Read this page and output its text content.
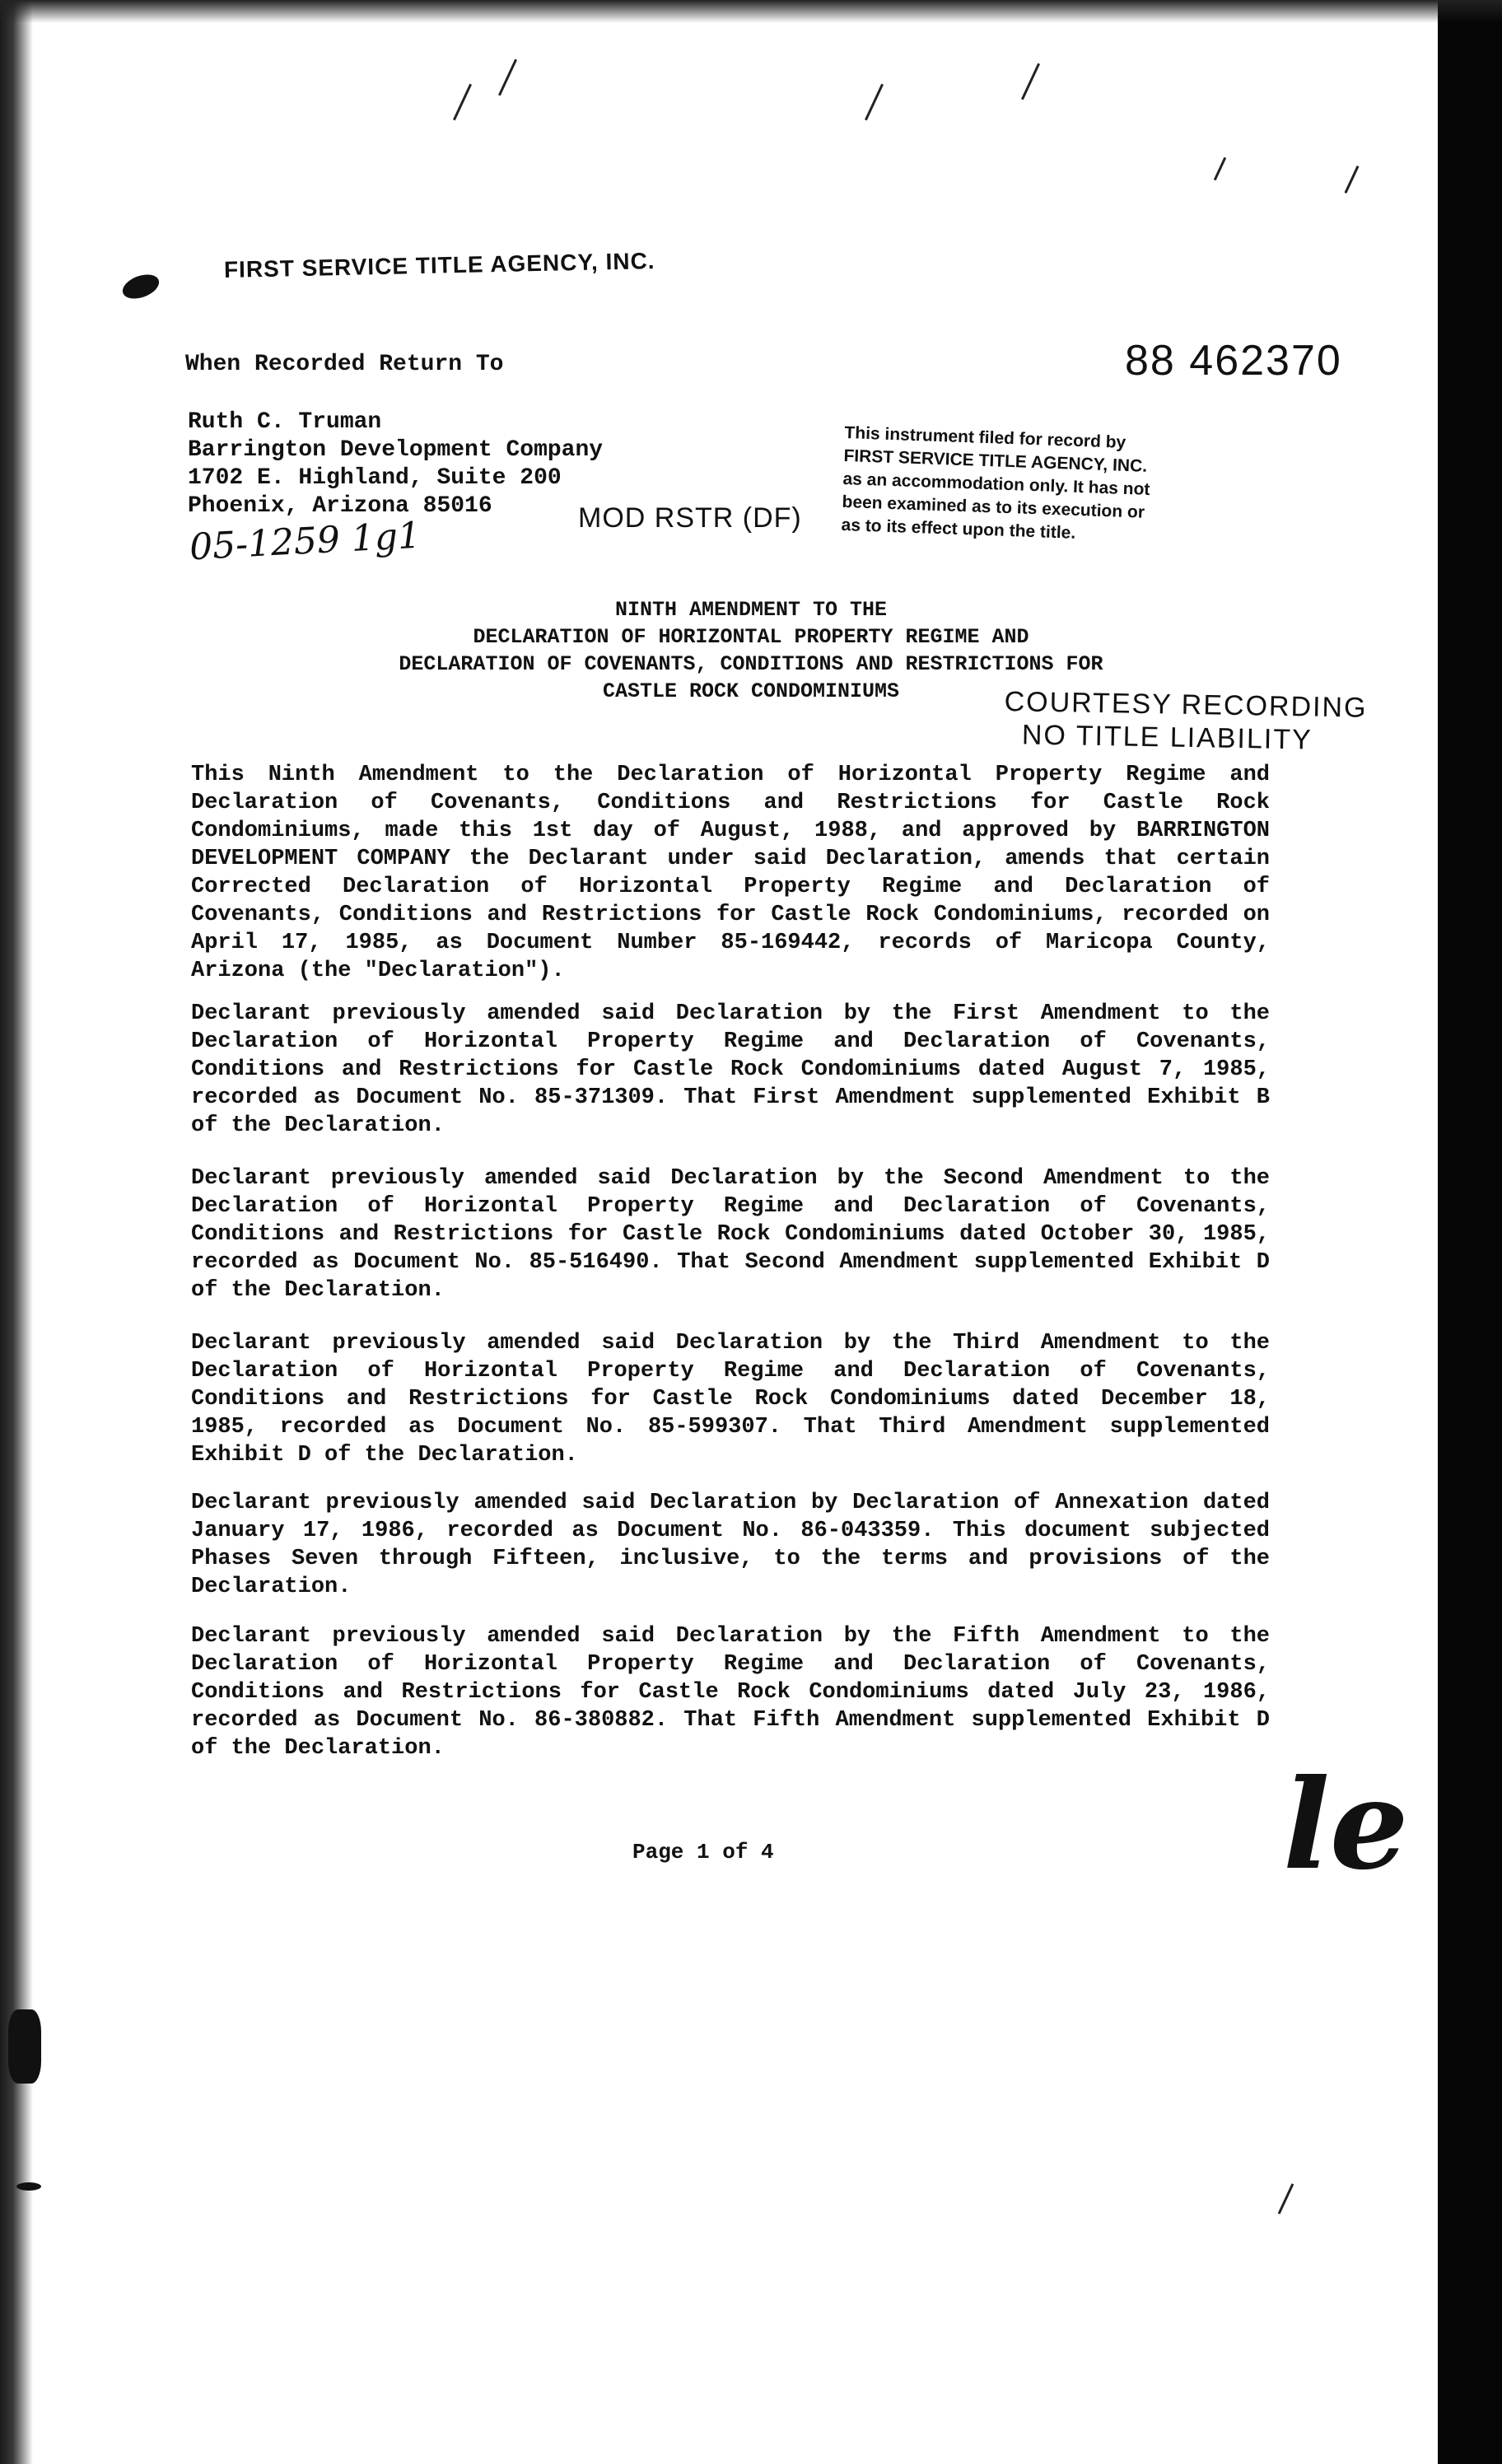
FIRST SERVICE TITLE AGENCY, INC.
When Recorded Return To	88 462370
Ruth C. Truman
Barrington Development Company
1702 E. Highland, Suite 200
Phoenix, Arizona 85016
05-1259 1g1	MOD RSTR (DF)
This instrument filed for record by
FIRST SERVICE TITLE AGENCY, INC.
as an accommodation only. It has not
been examined as to its execution or
as to its effect upon the title.
COURTESY RECORDING
NO TITLE LIABILITY
NINTH AMENDMENT TO THE
DECLARATION OF HORIZONTAL PROPERTY REGIME AND
DECLARATION OF COVENANTS, CONDITIONS AND RESTRICTIONS FOR
CASTLE ROCK CONDOMINIUMS
This Ninth Amendment to the Declaration of Horizontal Property Regime and Declaration of Covenants, Conditions and Restrictions for Castle Rock Condominiums, made this 1st day of August, 1988, and approved by BARRINGTON DEVELOPMENT COMPANY the Declarant under said Declaration, amends that certain Corrected Declaration of Horizontal Property Regime and Declaration of Covenants, Conditions and Restrictions for Castle Rock Condominiums, recorded on April 17, 1985, as Document Number 85-169442, records of Maricopa County, Arizona (the "Declaration").
Declarant previously amended said Declaration by the First Amendment to the Declaration of Horizontal Property Regime and Declaration of Covenants, Conditions and Restrictions for Castle Rock Condominiums dated August 7, 1985, recorded as Document No. 85-371309. That First Amendment supplemented Exhibit B of the Declaration.
Declarant previously amended said Declaration by the Second Amendment to the Declaration of Horizontal Property Regime and Declaration of Covenants, Conditions and Restrictions for Castle Rock Condominiums dated October 30, 1985, recorded as Document No. 85-516490. That Second Amendment supplemented Exhibit D of the Declaration.
Declarant previously amended said Declaration by the Third Amendment to the Declaration of Horizontal Property Regime and Declaration of Covenants, Conditions and Restrictions for Castle Rock Condominiums dated December 18, 1985, recorded as Document No. 85-599307. That Third Amendment supplemented Exhibit D of the Declaration.
Declarant previously amended said Declaration by Declaration of Annexation dated January 17, 1986, recorded as Document No. 86-043359. This document subjected Phases Seven through Fifteen, inclusive, to the terms and provisions of the Declaration.
Declarant previously amended said Declaration by the Fifth Amendment to the Declaration of Horizontal Property Regime and Declaration of Covenants, Conditions and Restrictions for Castle Rock Condominiums dated July 23, 1986, recorded as Document No. 86-380882. That Fifth Amendment supplemented Exhibit D of the Declaration.
Page 1 of 4	le
